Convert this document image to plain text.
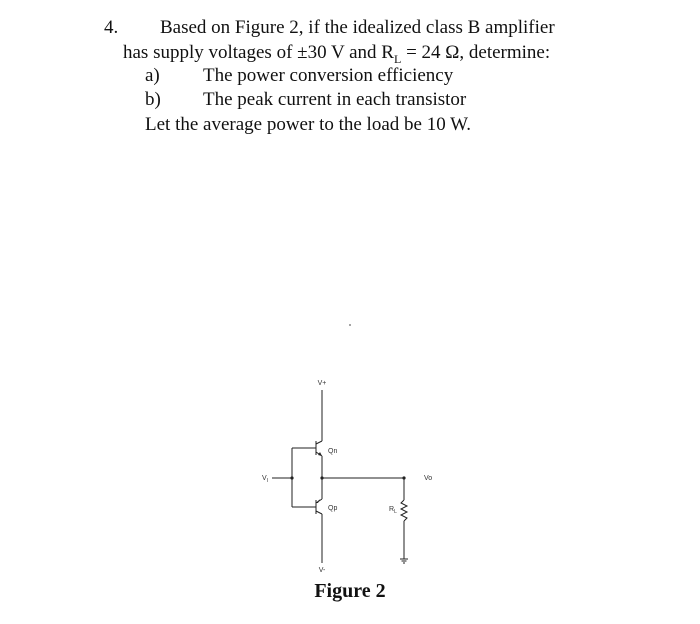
4. Based on Figure 2, if the idealized class B amplifier
has supply voltages of ±30 V and $R_L = 24$ Ω, determine:
a) The power conversion efficiency
b) The peak current in each transistor
Let the average power to the load be 10 W.
V+
V-
Qn
Qp
Vo
$V_I$
$R_L$
Figure 2
